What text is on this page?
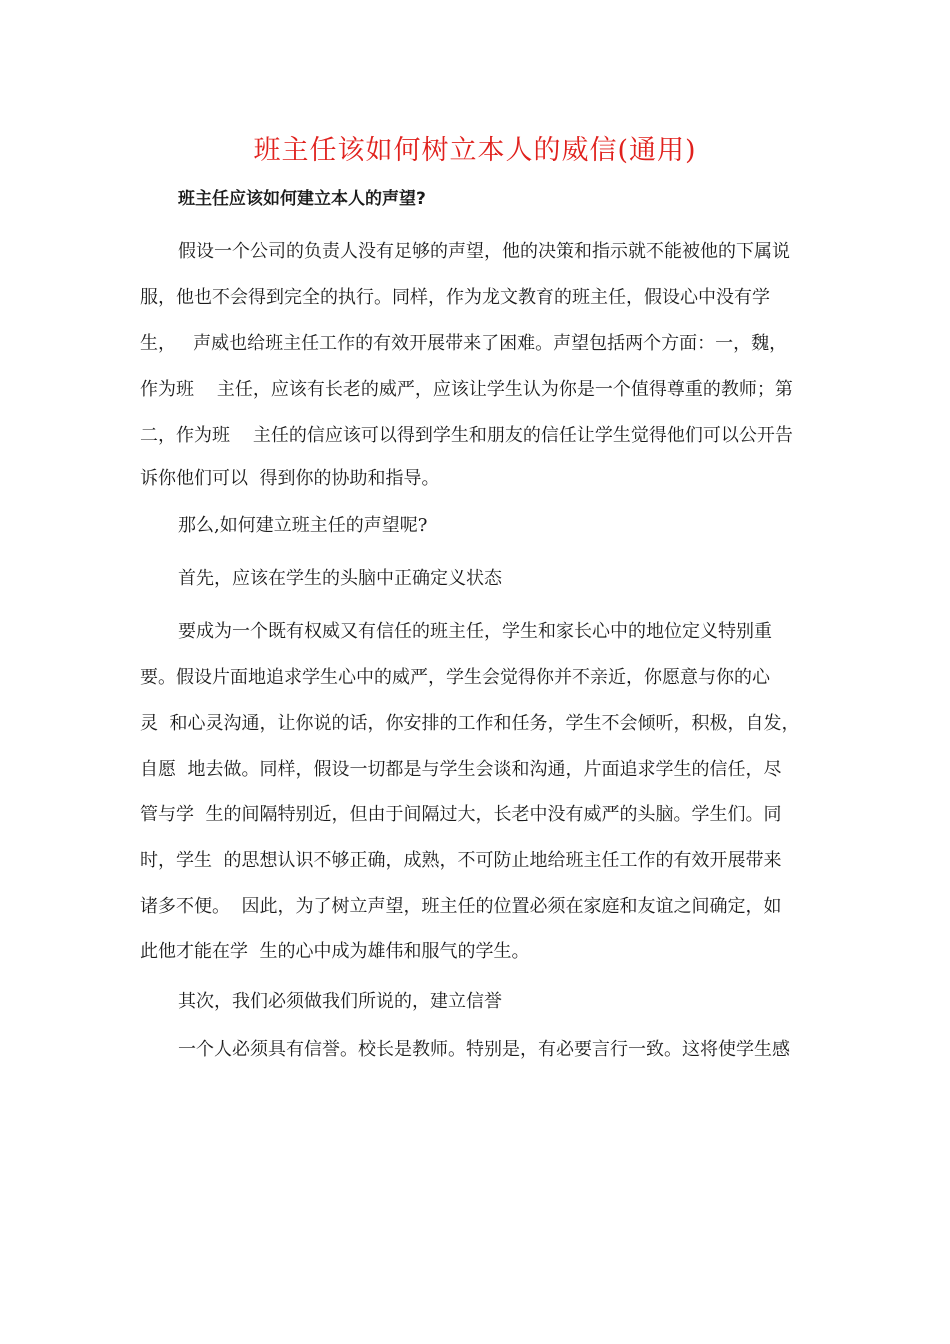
班主任该如何树立本人的威信(通用)
班主任应该如何建立本人的声望?
假设一个公司的负责人没有足够的声望，他的决策和指示就不能被他的下属说
服，他也不会得到完全的执行。同样，作为龙文教育的班主任，假设心中没有学
生，   声威也给班主任工作的有效开展带来了困难。声望包括两个方面：一，魏，
作为班    主任，应该有长老的威严，应该让学生认为你是一个值得尊重的教师；第
二，作为班    主任的信应该可以得到学生和朋友的信任让学生觉得他们可以公开告
诉你他们可以  得到你的协助和指导。
那么,如何建立班主任的声望呢?
首先，应该在学生的头脑中正确定义状态
要成为一个既有权威又有信任的班主任，学生和家长心中的地位定义特别重
要。假设片面地追求学生心中的威严，学生会觉得你并不亲近，你愿意与你的心
灵  和心灵沟通，让你说的话，你安排的工作和任务，学生不会倾听，积极，自发，
自愿  地去做。同样，假设一切都是与学生会谈和沟通，片面追求学生的信任，尽
管与学  生的间隔特别近，但由于间隔过大，长老中没有威严的头脑。学生们。同
时，学生  的思想认识不够正确，成熟，不可防止地给班主任工作的有效开展带来
诸多不便。  因此，为了树立声望，班主任的位置必须在家庭和友谊之间确定，如
此他才能在学  生的心中成为雄伟和服气的学生。
其次，我们必须做我们所说的，建立信誉
一个人必须具有信誉。校长是教师。特别是，有必要言行一致。这将使学生感
